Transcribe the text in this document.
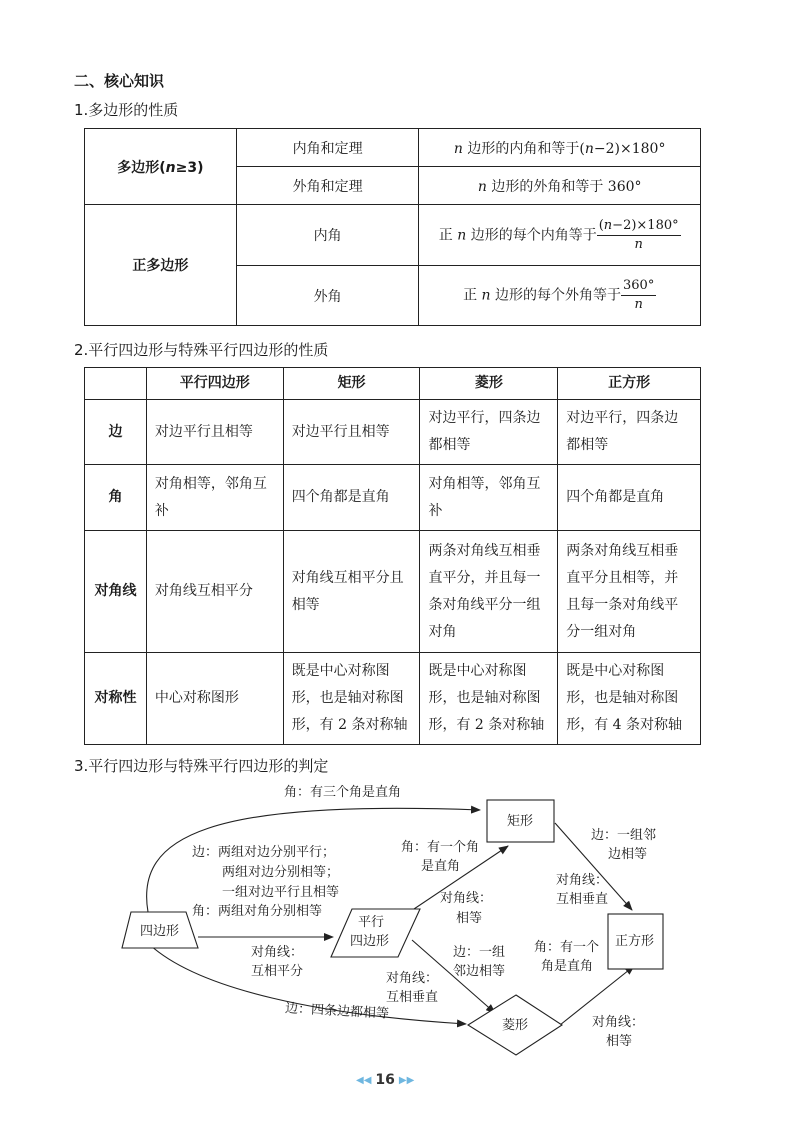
二、核心知识
1.多边形的性质
多边形(n≥3)	内角和定理	n 边形的内角和等于(n−2)×180°
	外角和定理	n 边形的外角和等于 360°
正多边形	内角	正 n 边形的每个内角等于 $\frac{(n-2)\times 180^\circ}{n}$

	外角	正 n 边形的每个外角等于 $\frac{360^\circ}{n}$
2.平行四边形与特殊平行四边形的性质
	平行四边形	矩形	菱形	正方形
边	对边平行且相等	对边平行且相等	对边平行，四条边都相等	对边平行，四条边都相等
角	对角相等，邻角互补	四个角都是直角	对角相等，邻角互补	四个角都是直角
对角线	对角线互相平分	对角线互相平分且相等	两条对角线互相垂直平分，并且每一条对角线平分一组对角	两条对角线互相垂直平分且相等，并且每一条对角线平分一组对角
对称性	中心对称图形	既是中心对称图形，也是轴对称图形，有 2 条对称轴	既是中心对称图形，也是轴对称图形，有 2 条对称轴	既是中心对称图形，也是轴对称图形，有 4 条对称轴
3.平行四边形与特殊平行四边形的判定
四边形
平行
四边形
矩形
菱形
正方形
角：有三个角是直角
边：两组对边分别平行；
两组对边分别相等；
一组对边平行且相等
角：两组对角分别相等
对角线：
互相平分
角：有一个角
是直角
对角线：
相等
边：一组
邻边相等
对角线：
互相垂直
边：四条边都相等
边：一组邻
边相等
对角线：
互相垂直
角：有一个
角是直角
对角线：
相等
◀◀ 16 ▶▶
